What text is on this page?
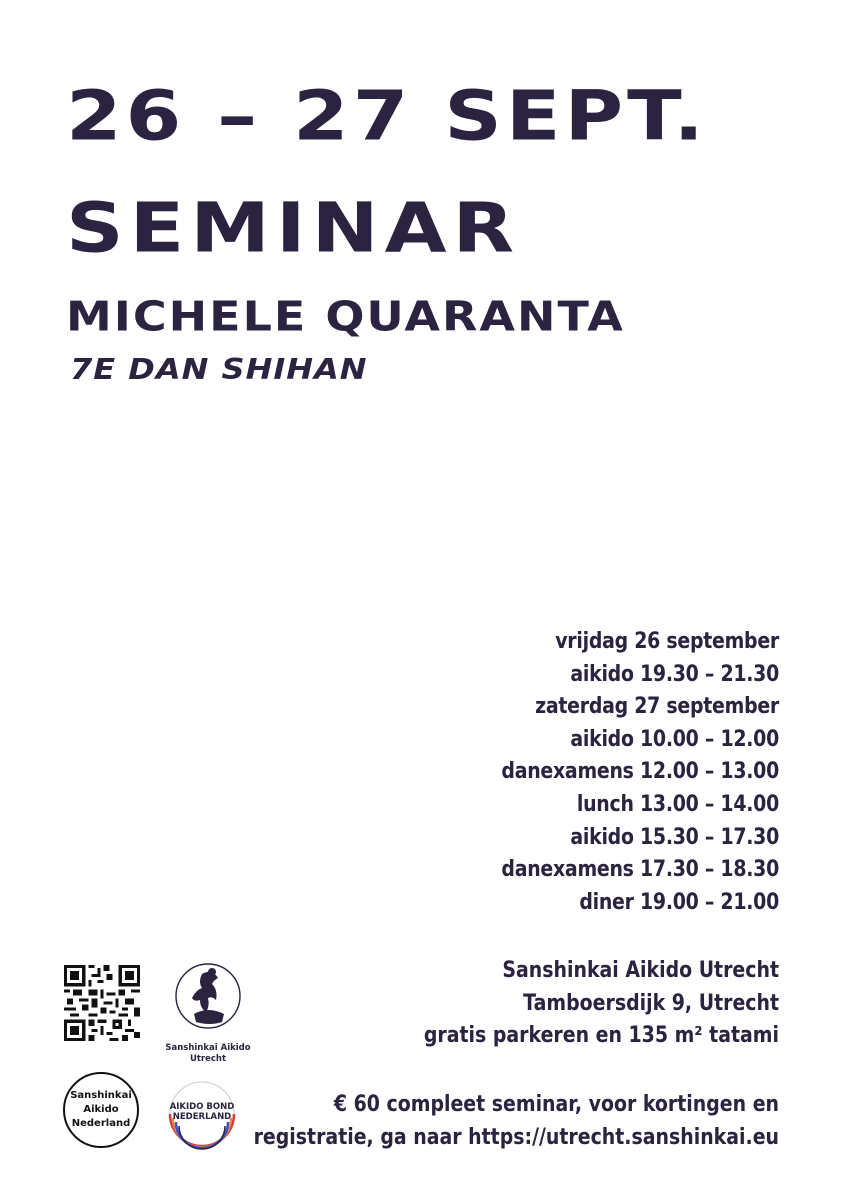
26 – 27 SEPT.
SEMINAR
MICHELE QUARANTA
7E DAN SHIHAN
vrijdag 26 september
aikido 19.30 – 21.30
zaterdag 27 september
aikido 10.00 – 12.00
danexamens 12.00 – 13.00
lunch 13.00 – 14.00
aikido 15.30 – 17.30
danexamens 17.30 – 18.30
diner 19.00 – 21.00
Sanshinkai Aikido Utrecht
Tamboersdijk 9, Utrecht
gratis parkeren en 135 m² tatami
€ 60 compleet seminar, voor kortingen en
registratie, ga naar https://utrecht.sanshinkai.eu
Sanshinkai Aikido
Utrecht
Sanshinkai
Aikido
Nederland
AIKIDO BOND
NEDERLAND
